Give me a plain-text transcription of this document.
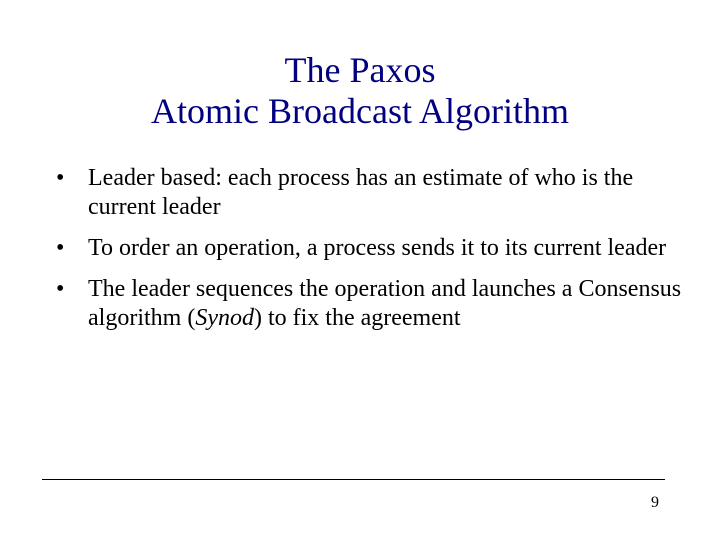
The Paxos
Atomic Broadcast Algorithm
• Leader based: each process has an estimate of who is the current leader
• To order an operation, a process sends it to its current leader
• The leader sequences the operation and launches a Consensus algorithm (Synod) to fix the agreement
9
